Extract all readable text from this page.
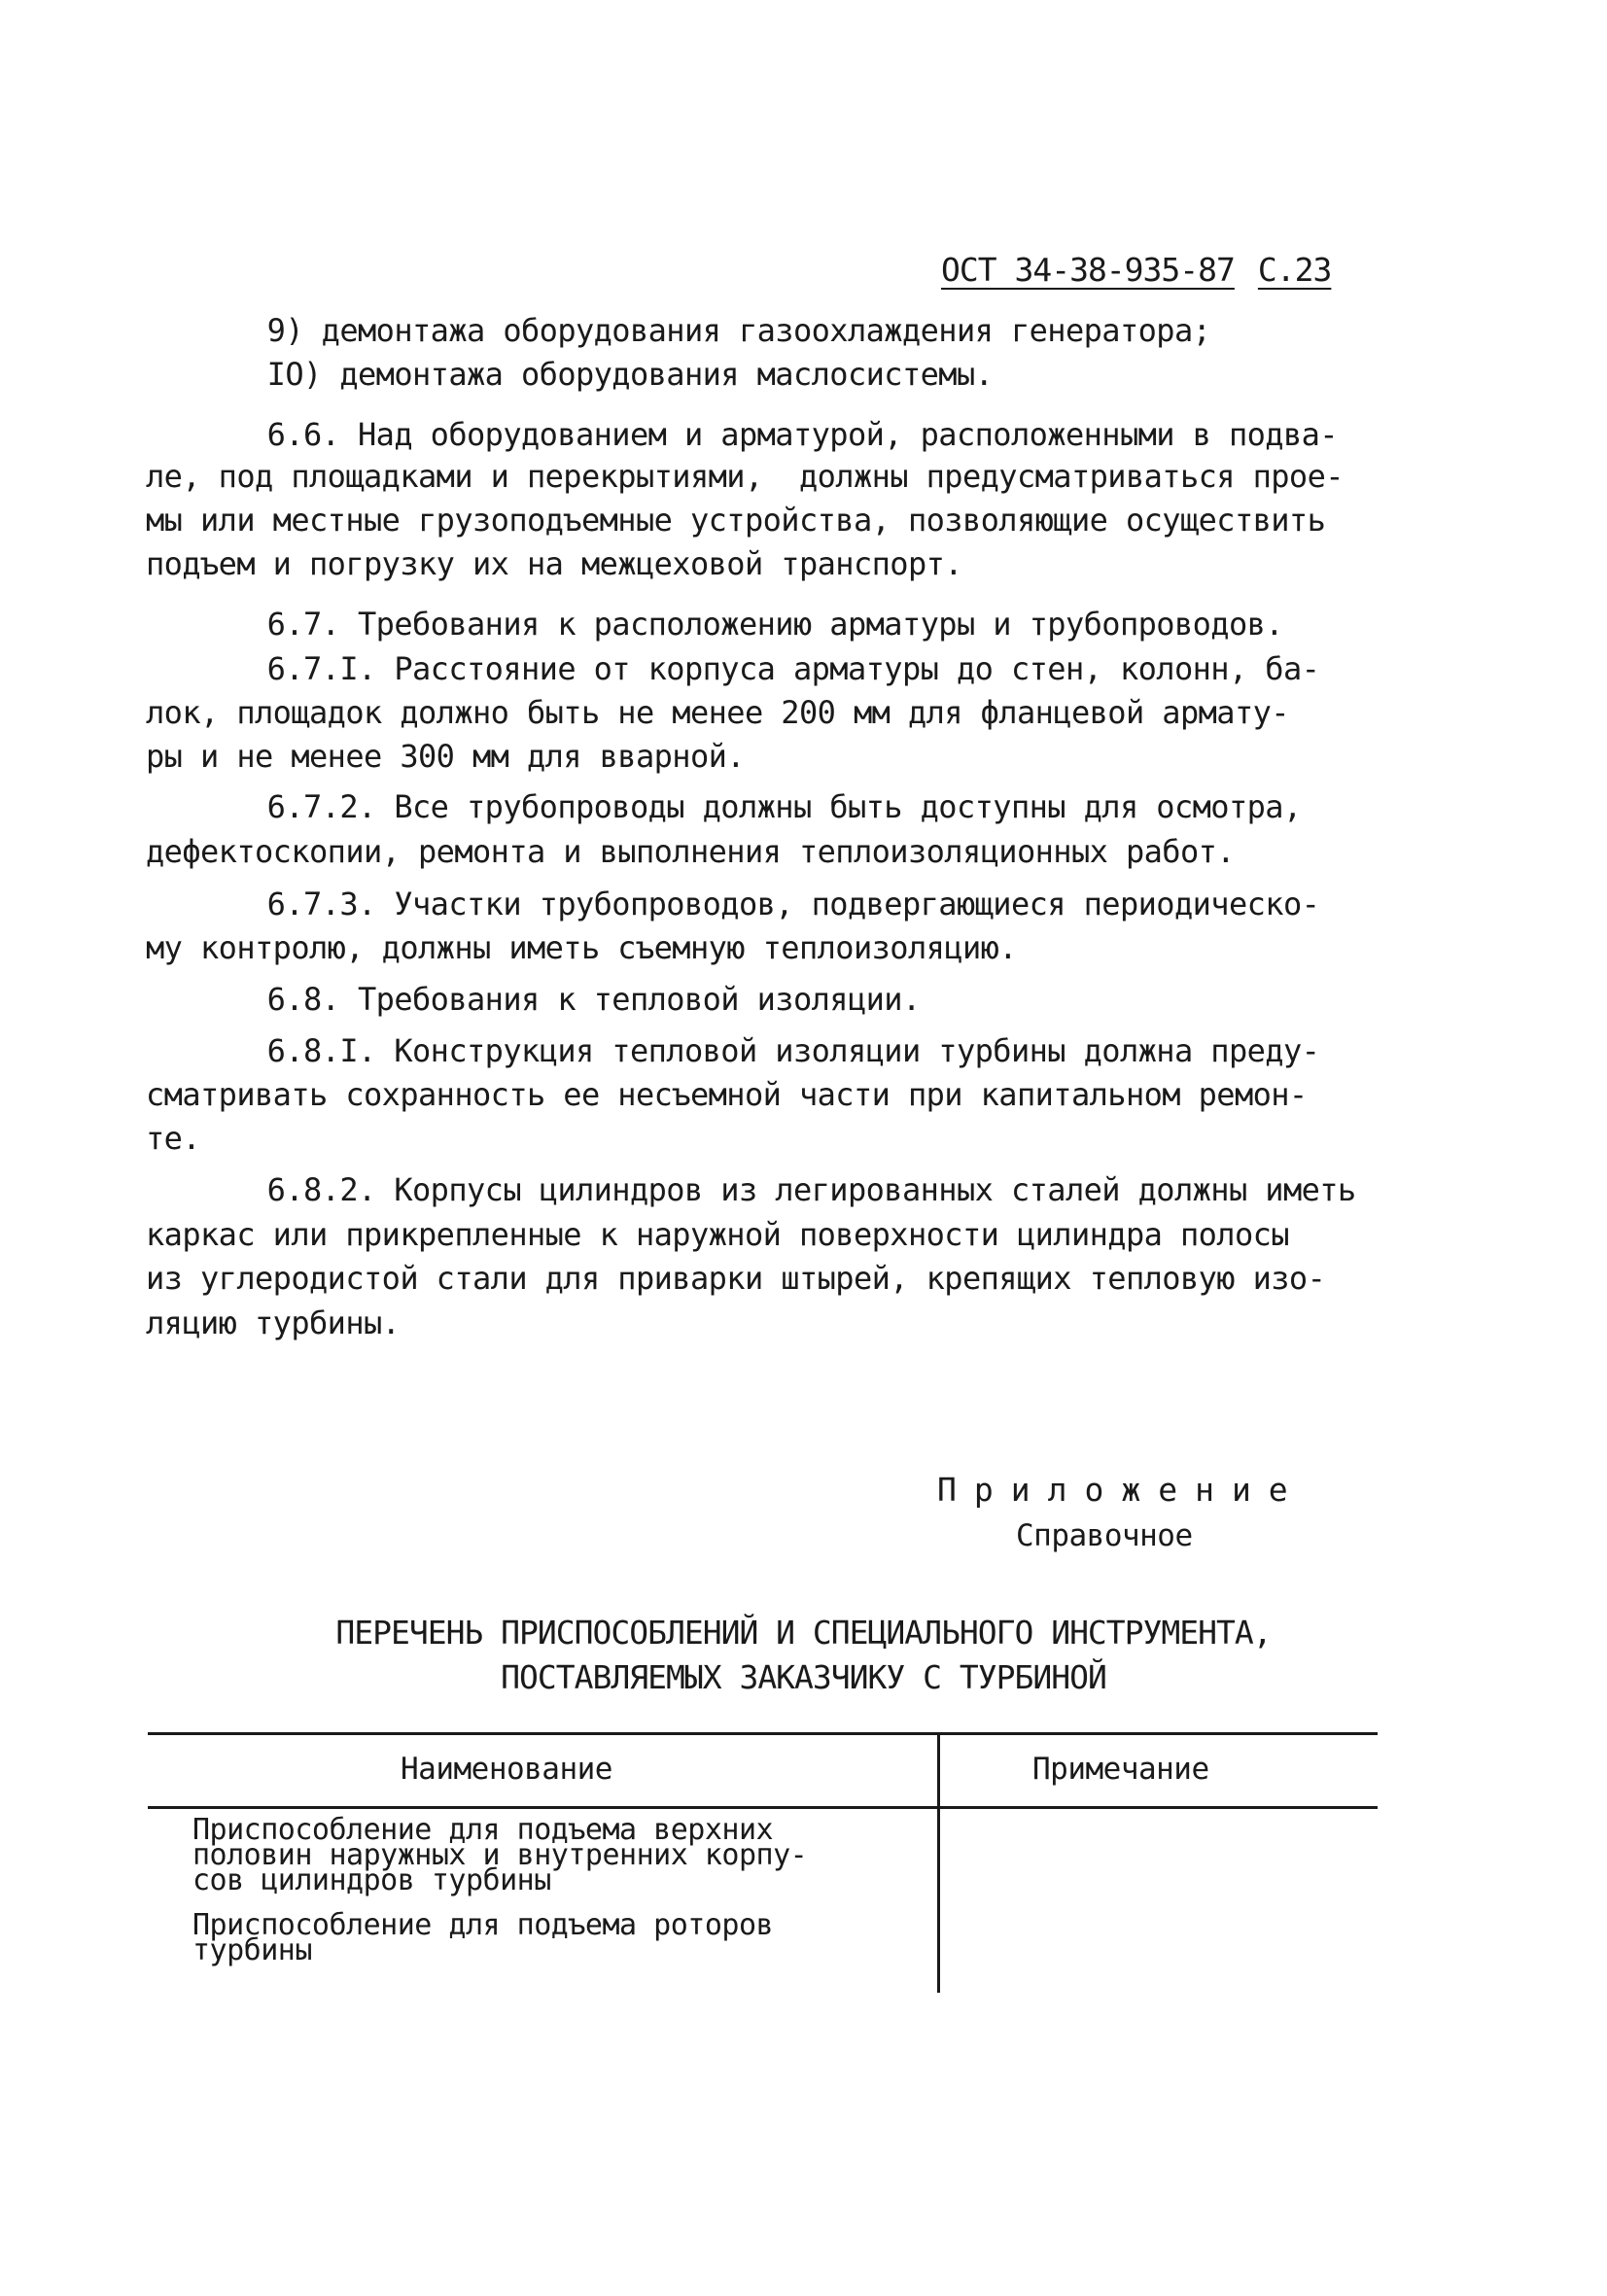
ОСТ 34-38-935-87 С.23
9) демонтажа оборудования газоохлаждения генератора;
IO) демонтажа оборудования маслосистемы.
6.6. Над оборудованием и арматурой, расположенными в подва-
ле, под площадками и перекрытиями,  должны предусматриваться прое-
мы или местные грузоподъемные устройства, позволяющие осуществить
подъем и погрузку их на межцеховой транспорт.
6.7. Требования к расположению арматуры и трубопроводов.
6.7.I. Расстояние от корпуса арматуры до стен, колонн, ба-
лок, площадок должно быть не менее 200 мм для фланцевой армату-
ры и не менее 300 мм для вварной.
6.7.2. Все трубопроводы должны быть доступны для осмотра,
дефектоскопии, ремонта и выполнения теплоизоляционных работ.
6.7.3. Участки трубопроводов, подвергающиеся периодическо-
му контролю, должны иметь съемную теплоизоляцию.
6.8. Требования к тепловой изоляции.
6.8.I. Конструкция тепловой изоляции турбины должна преду-
сматривать сохранность ее несъемной части при капитальном ремон-
те.
6.8.2. Корпусы цилиндров из легированных сталей должны иметь
каркас или прикрепленные к наружной поверхности цилиндра полосы
из углеродистой стали для приварки штырей, крепящих тепловую изо-
ляцию турбины.
Приложение
Справочное
ПЕРЕЧЕНЬ ПРИСПОСОБЛЕНИЙ И СПЕЦИАЛЬНОГО ИНСТРУМЕНТА,
ПОСТАВЛЯЕМЫХ ЗАКАЗЧИКУ С ТУРБИНОЙ
Наименование	Примечание
Приспособление для подъема верхних
половин наружных и внутренних корпу-
сов цилиндров турбины
Приспособление для подъема роторов
турбины
